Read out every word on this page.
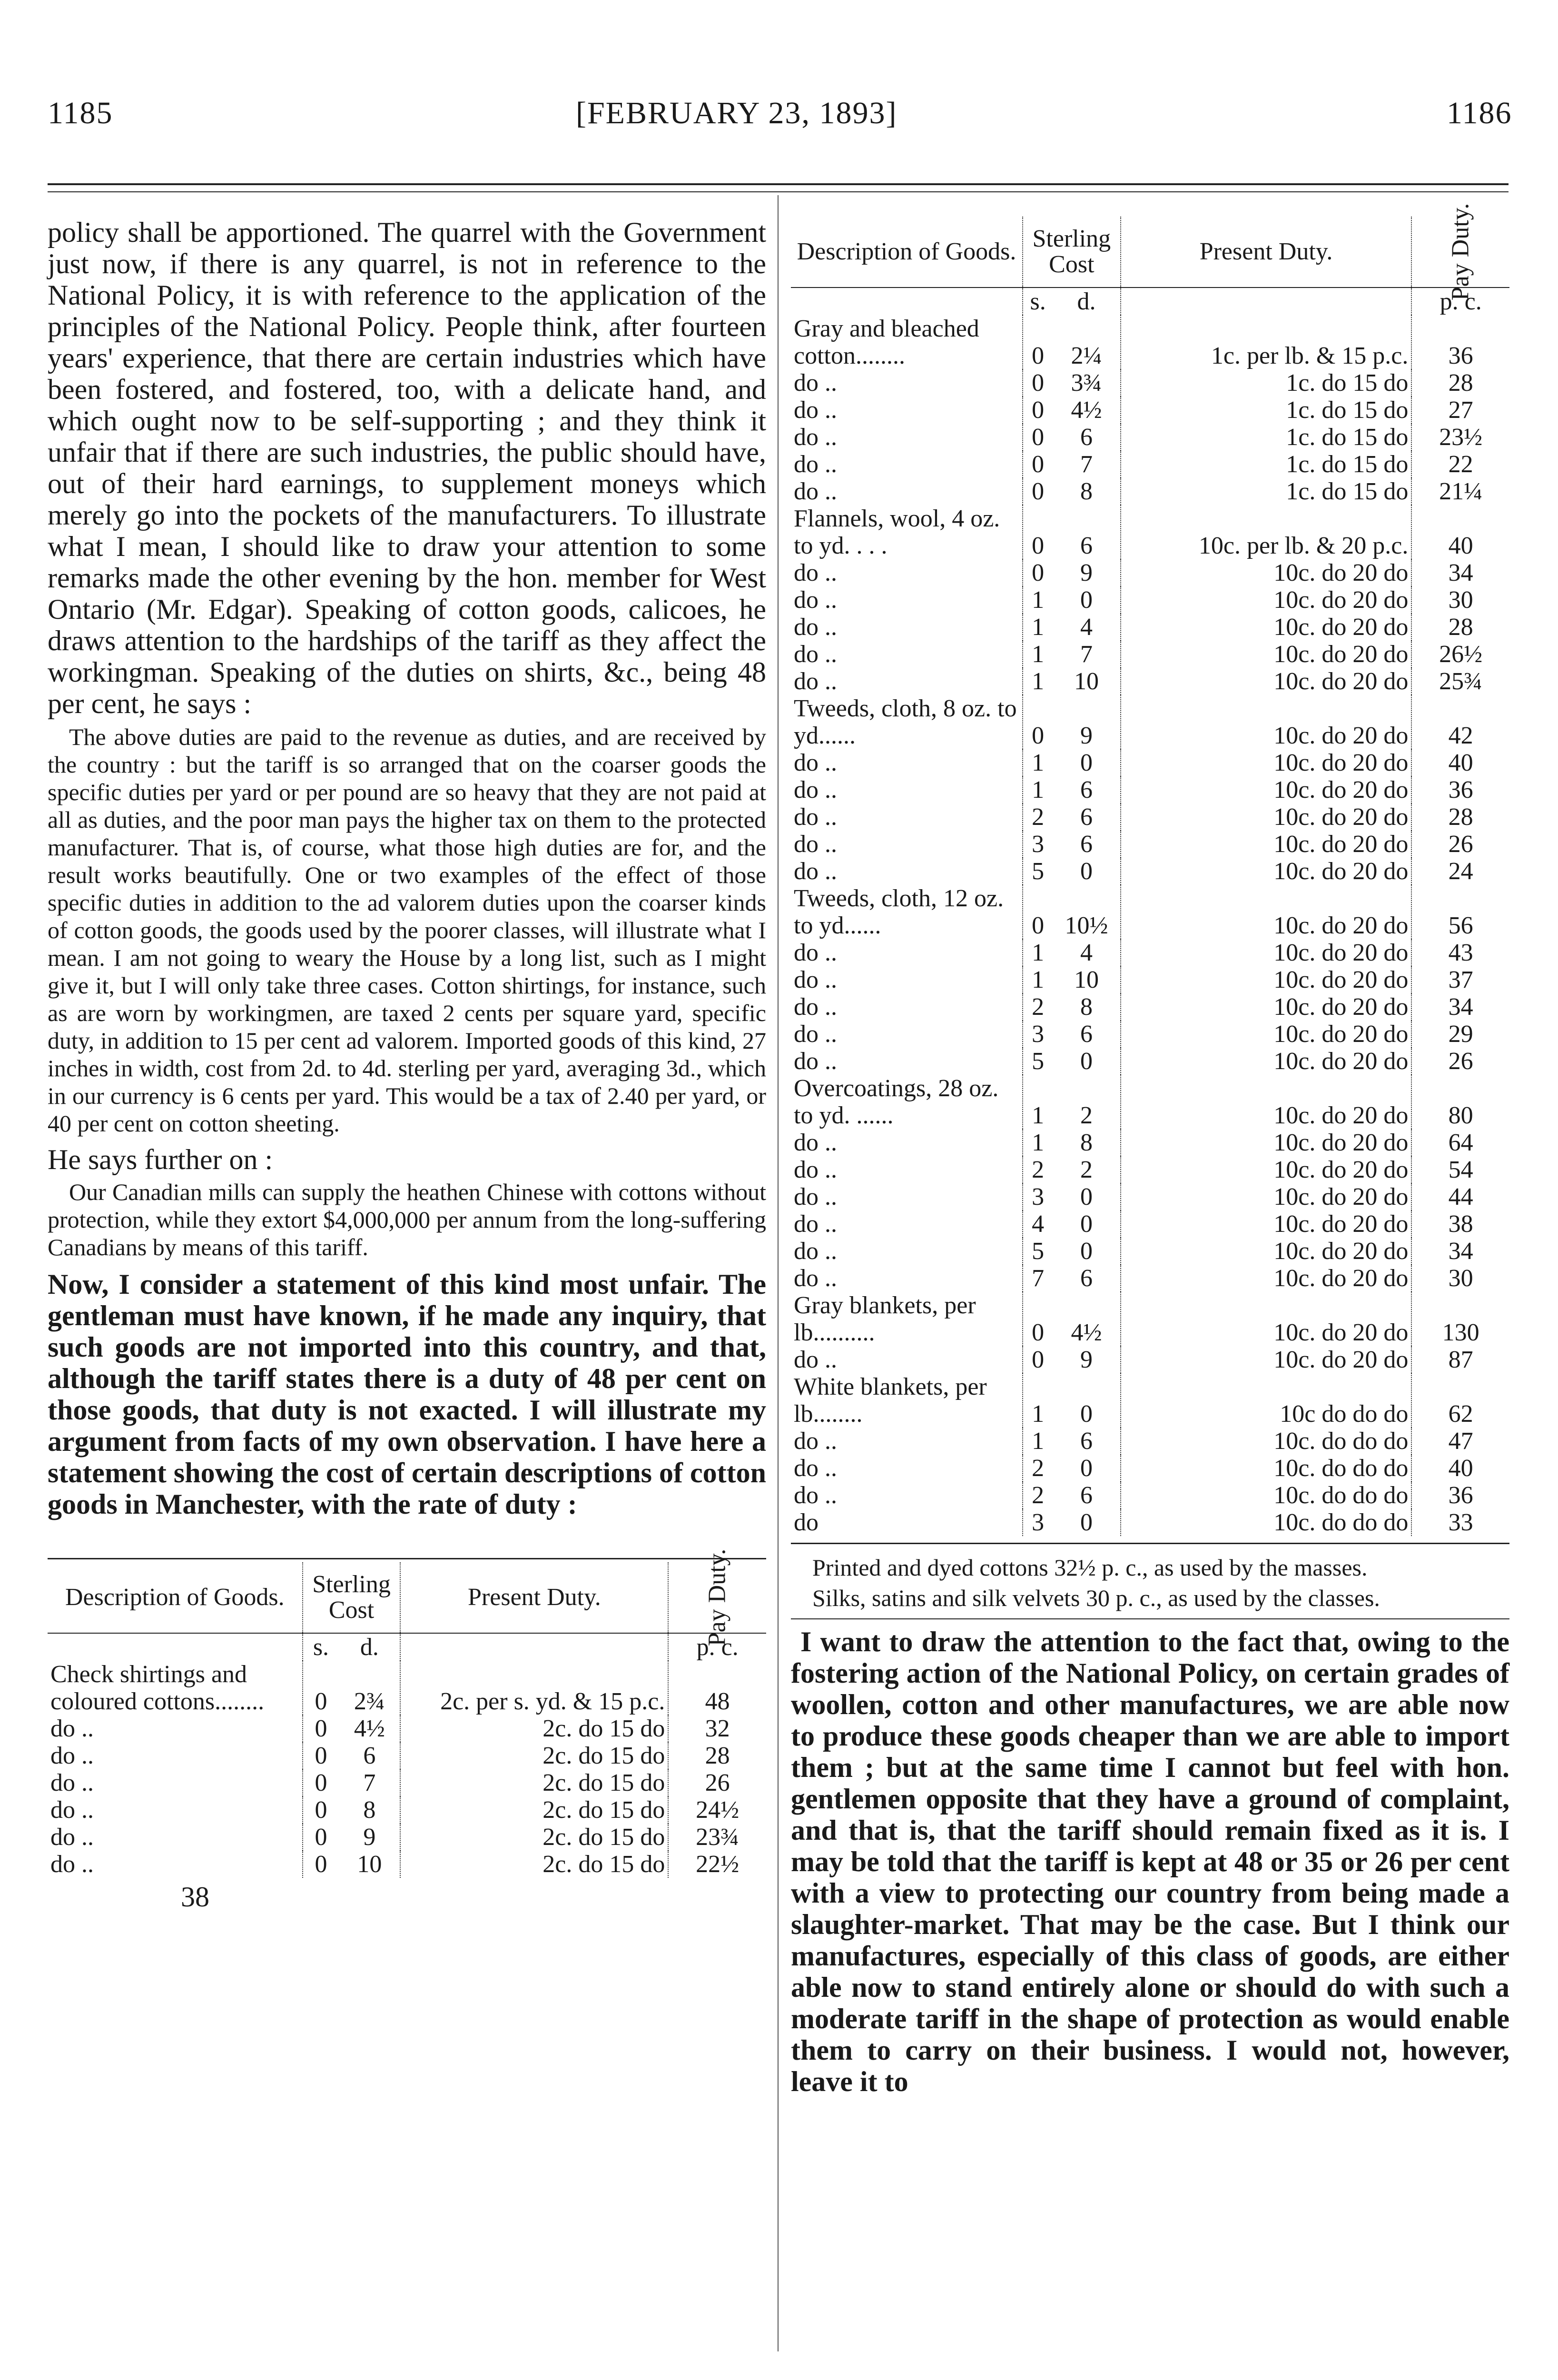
1185	[FEBRUARY 23, 1893]	1186

policy shall be apportioned. The quarrel with the Government just now, if there is any quarrel, is not in reference to the National Policy, it is with reference to the application of the principles of the National Policy. People think, after fourteen years' experience, that there are certain industries which have been fostered, and fostered, too, with a delicate hand, and which ought now to be self-supporting ; and they think it unfair that if there are such industries, the public should have, out of their hard earnings, to supplement moneys which merely go into the pockets of the manufacturers. To illustrate what I mean, I should like to draw your attention to some remarks made the other evening by the hon. member for West Ontario (Mr. Edgar). Speaking of cotton goods, calicoes, he draws attention to the hardships of the tariff as they affect the workingman. Speaking of the duties on shirts, &c., being 48 per cent, he says :

The above duties are paid to the revenue as duties, and are received by the country : but the tariff is so arranged that on the coarser goods the specific duties per yard or per pound are so heavy that they are not paid at all as duties, and the poor man pays the higher tax on them to the protected manufacturer. That is, of course, what those high duties are for, and the result works beautifully. One or two examples of the effect of those specific duties in addition to the ad valorem duties upon the coarser kinds of cotton goods, the goods used by the poorer classes, will illustrate what I mean. I am not going to weary the House by a long list, such as I might give it, but I will only take three cases. Cotton shirtings, for instance, such as are worn by workingmen, are taxed 2 cents per square yard, specific duty, in addition to 15 per cent ad valorem. Imported goods of this kind, 27 inches in width, cost from 2d. to 4d. sterling per yard, averaging 3d., which in our currency is 6 cents per yard. This would be a tax of 2.40 per yard, or 40 per cent on cotton sheeting.

He says further on :

Our Canadian mills can supply the heathen Chinese with cottons without protection, while they extort $4,000,000 per annum from the long-suffering Canadians by means of this tariff.

Now, I consider a statement of this kind most unfair. The gentleman must have known, if he made any inquiry, that such goods are not imported into this country, and that, although the tariff states there is a duty of 48 per cent on those goods, that duty is not exacted. I will illustrate my argument from facts of my own observation. I have here a statement showing the cost of certain descriptions of cotton goods in Manchester, with the rate of duty :

Description of Goods.	Sterling Cost		Present Duty.	Pay Duty.
	s.	d.		p. c.
Check shirtings and coloured cottons........	0	2¾	2c. per s. yd. & 15 p.c.	48
do ..	0	4½	2c. do 15 do	32
do ..	0	6	2c. do 15 do	28
do ..	0	7	2c. do 15 do	26
do ..	0	8	2c. do 15 do	24½
do ..	0	9	2c. do 15 do	23¾
do ..	0	10	2c. do 15 do	22½
38
Description of Goods.	Sterling Cost		Present Duty.	Pay Duty.
	s.	d.		p. c.
Gray and bleached cotton........	0	2¼	1c. per lb. & 15 p.c.	36
do ..	0	3¾	1c. do 15 do	28
do ..	0	4½	1c. do 15 do	27
do ..	0	6	1c. do 15 do	23½
do ..	0	7	1c. do 15 do	22
do ..	0	8	1c. do 15 do	21¼
Flannels, wool, 4 oz. to yd. . . .	0	6	10c. per lb. & 20 p.c.	40
do ..	0	9	10c. do 20 do	34
do ..	1	0	10c. do 20 do	30
do ..	1	4	10c. do 20 do	28
do ..	1	7	10c. do 20 do	26½
do ..	1	10	10c. do 20 do	25¾
Tweeds, cloth, 8 oz. to yd......	0	9	10c. do 20 do	42
do ..	1	0	10c. do 20 do	40
do ..	1	6	10c. do 20 do	36
do ..	2	6	10c. do 20 do	28
do ..	3	6	10c. do 20 do	26
do ..	5	0	10c. do 20 do	24
Tweeds, cloth, 12 oz. to yd......	0	10½	10c. do 20 do	56
do ..	1	4	10c. do 20 do	43
do ..	1	10	10c. do 20 do	37
do ..	2	8	10c. do 20 do	34
do ..	3	6	10c. do 20 do	29
do ..	5	0	10c. do 20 do	26
Overcoatings, 28 oz. to yd. ......	1	2	10c. do 20 do	80
do ..	1	8	10c. do 20 do	64
do ..	2	2	10c. do 20 do	54
do ..	3	0	10c. do 20 do	44
do ..	4	0	10c. do 20 do	38
do ..	5	0	10c. do 20 do	34
do ..	7	6	10c. do 20 do	30
Gray blankets, per lb..........	0	4½	10c. do 20 do	130
do ..	0	9	10c. do 20 do	87
White blankets, per lb........	1	0	10c do do do	62
do ..	1	6	10c. do do do	47
do ..	2	0	10c. do do do	40
do ..	2	6	10c. do do do	36
do	3	0	10c. do do do	33

Printed and dyed cottons 32½ p. c., as used by the masses.

Silks, satins and silk velvets 30 p. c., as used by the classes.

I want to draw the attention to the fact that, owing to the fostering action of the National Policy, on certain grades of woollen, cotton and other manufactures, we are able now to produce these goods cheaper than we are able to import them ; but at the same time I cannot but feel with hon. gentlemen opposite that they have a ground of complaint, and that is, that the tariff should remain fixed as it is. I may be told that the tariff is kept at 48 or 35 or 26 per cent with a view to protecting our country from being made a slaughter-market. That may be the case. But I think our manufactures, especially of this class of goods, are either able now to stand entirely alone or should do with such a moderate tariff in the shape of protection as would enable them to carry on their business. I would not, however, leave it to
